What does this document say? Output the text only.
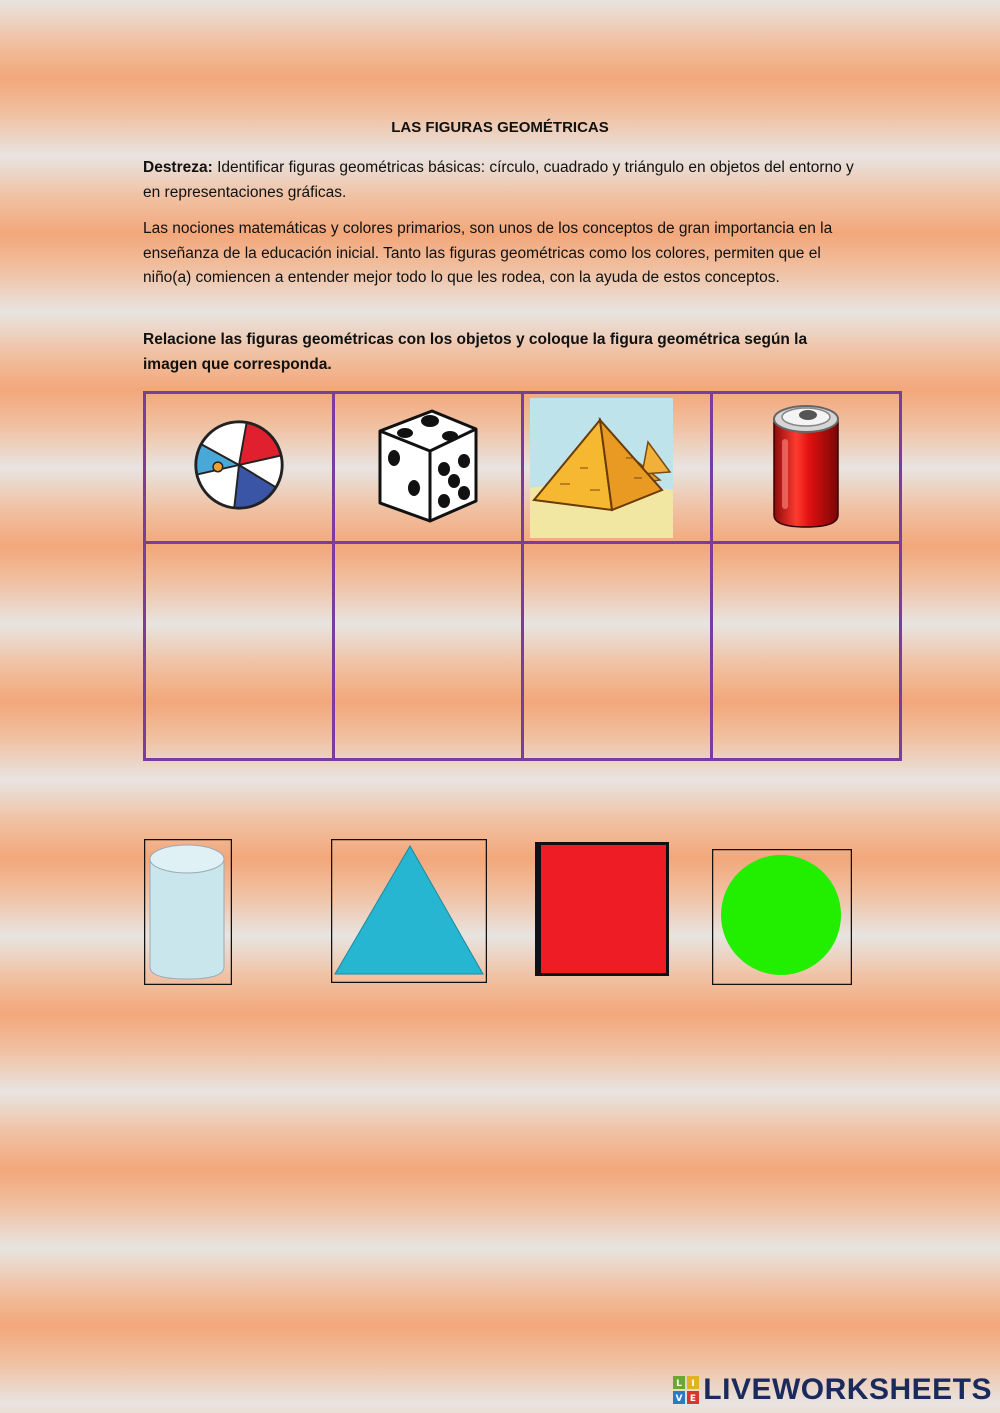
LAS FIGURAS GEOMÉTRICAS

Destreza: Identificar figuras geométricas básicas: círculo, cuadrado y triángulo en objetos del entorno y en representaciones gráficas.

Las nociones matemáticas y colores primarios, son unos de los conceptos de gran importancia en la enseñanza de la educación inicial. Tanto las figuras geométricas como los colores, permiten que el niño(a) comiencen a entender mejor todo lo que les rodea, con la ayuda de estos conceptos.

Relacione las figuras geométricas con los objetos y coloque la figura geométrica según la imagen que corresponda.

L I
V E LIVEWORKSHEETS
